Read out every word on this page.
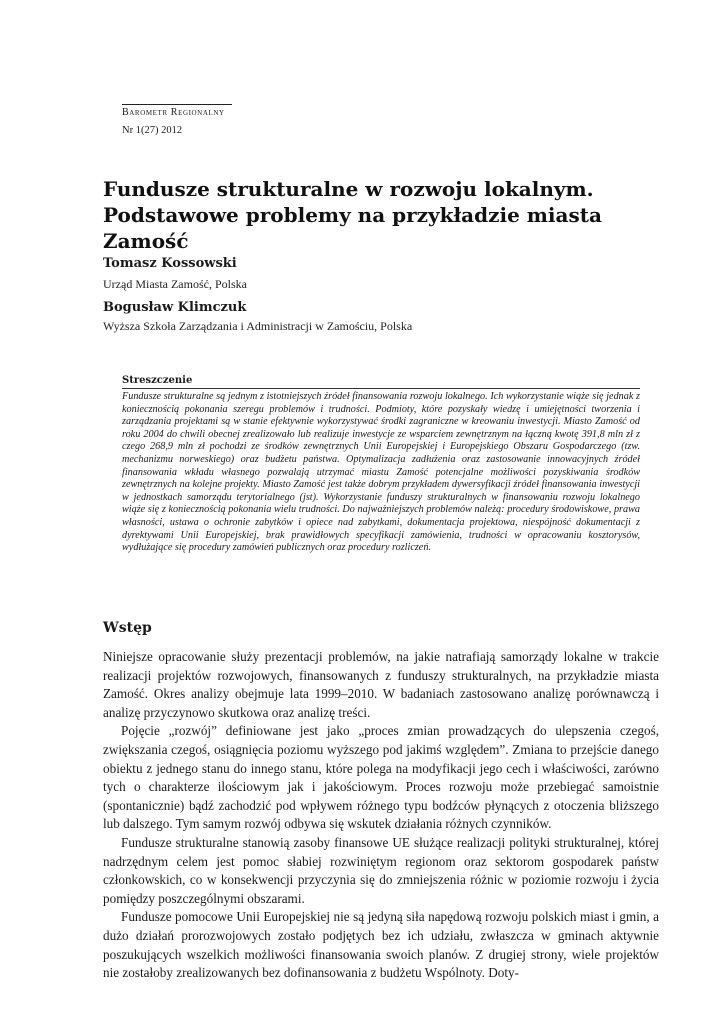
Barometr Regionalny
Nr 1(27) 2012
Fundusze strukturalne w rozwoju lokalnym. Podstawowe problemy na przykładzie miasta Zamość
Tomasz Kossowski
Urząd Miasta Zamość, Polska
Bogusław Klimczuk
Wyższa Szkoła Zarządzania i Administracji w Zamościu, Polska
Streszczenie
Fundusze strukturalne są jednym z istotniejszych źródeł finansowania rozwoju lokalnego. Ich wykorzystanie wiąże się jednak z koniecznością pokonania szeregu problemów i trudności. Podmioty, które pozyskały wiedzę i umiejętności tworzenia i zarządzania projektami są w stanie efektywnie wykorzystywać środki zagraniczne w kreowaniu inwestycji. Miasto Zamość od roku 2004 do chwili obecnej zrealizowało lub realizuje inwestycje ze wsparciem zewnętrznym na łączną kwotę 391,8 mln zł z czego 268,9 mln zł pochodzi ze środków zewnętrznych Unii Europejskiej i Europejskiego Obszaru Gospodarczego (tzw. mechanizmu norweskiego) oraz budżetu państwa. Optymalizacja zadłużenia oraz zastosowanie innowacyjnych źródeł finansowania wkładu własnego pozwalają utrzymać miastu Zamość potencjalne możliwości pozyskiwania środków zewnętrznych na kolejne projekty. Miasto Zamość jest także dobrym przykładem dywersyfikacji źródeł finansowania inwestycji w jednostkach samorządu terytorialnego (jst). Wykorzystanie funduszy strukturalnych w finansowaniu rozwoju lokalnego wiąże się z koniecznością pokonania wielu trudności. Do najważniejszych problemów należą: procedury środowiskowe, prawa własności, ustawa o ochronie zabytków i opiece nad zabytkami, dokumentacja projektowa, niespójność dokumentacji z dyrektywami Unii Europejskiej, brak prawidłowych specyfikacji zamówienia, trudności w opracowaniu kosztorysów, wydłużające się procedury zamówień publicznych oraz procedury rozliczeń.
Wstęp

Niniejsze opracowanie służy prezentacji problemów, na jakie natrafiają samorządy lokalne w trakcie realizacji projektów rozwojowych, finansowanych z funduszy strukturalnych, na przykładzie miasta Zamość. Okres analizy obejmuje lata 1999–2010. W badaniach zastosowano analizę porównawczą i analizę przyczynowo skutkowa oraz analizę treści.

Pojęcie „rozwój” definiowane jest jako „proces zmian prowadzących do ulepszenia czegoś, zwiększania czegoś, osiągnięcia poziomu wyższego pod jakimś względem”. Zmiana to przejście danego obiektu z jednego stanu do innego stanu, które polega na modyfikacji jego cech i właściwości, zarówno tych o charakterze ilościowym jak i jakościowym. Proces rozwoju może przebiegać samoistnie (spontanicznie) bądź zachodzić pod wpływem różnego typu bodźców płynących z otoczenia bliższego lub dalszego. Tym samym rozwój odbywa się wskutek działania różnych czynników.

Fundusze strukturalne stanowią zasoby finansowe UE służące realizacji polityki strukturalnej, której nadrzędnym celem jest pomoc słabiej rozwiniętym regionom oraz sektorom gospodarek państw członkowskich, co w konsekwencji przyczynia się do zmniejszenia różnic w poziomie rozwoju i życia pomiędzy poszczególnymi obszarami.

Fundusze pomocowe Unii Europejskiej nie są jedyną siła napędową rozwoju polskich miast i gmin, a dużo działań prorozwojowych zostało podjętych bez ich udziału, zwłaszcza w gminach aktywnie poszukujących wszelkich możliwości finansowania swoich planów. Z drugiej strony, wiele projektów nie zostałoby zrealizowanych bez dofinansowania z budżetu Wspólnoty. Doty-
